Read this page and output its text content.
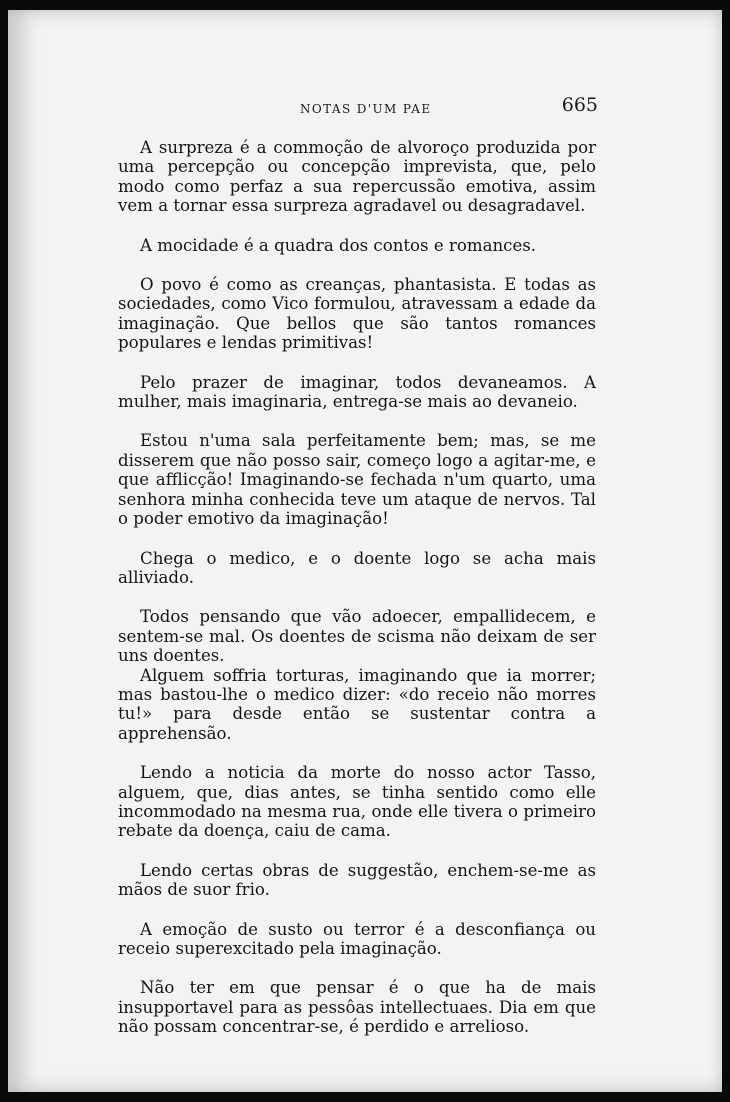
NOTAS D'UM PAE	665

A surpreza é a commoção de alvoroço produzida por uma percepção ou concepção imprevista, que, pelo modo como perfaz a sua repercussão emotiva, assim vem a tornar essa surpreza agradavel ou desagradavel.

A mocidade é a quadra dos contos e romances.

O povo é como as creanças, phantasista. E todas as sociedades, como Vico formulou, atravessam a edade da imaginação. Que bellos que são tantos romances populares e lendas primitivas!

Pelo prazer de imaginar, todos devaneamos. A mulher, mais imaginaria, entrega-se mais ao devaneio.

Estou n'uma sala perfeitamente bem; mas, se me disserem que não posso sair, começo logo a agitar-me, e que afflicção! Imaginando-se fechada n'um quarto, uma senhora minha conhecida teve um ataque de nervos. Tal o poder emotivo da imaginação!

Chega o medico, e o doente logo se acha mais alliviado.

Todos pensando que vão adoecer, empallidecem, e sentem-se mal. Os doentes de scisma não deixam de ser uns doentes.

Alguem soffria torturas, imaginando que ia morrer; mas bastou-lhe o medico dizer: «do receio não morres tu!» para desde então se sustentar contra a apprehensão.

Lendo a noticia da morte do nosso actor Tasso, alguem, que, dias antes, se tinha sentido como elle incommodado na mesma rua, onde elle tivera o primeiro rebate da doença, caiu de cama.

Lendo certas obras de suggestão, enchem-se-me as mãos de suor frio.

A emoção de susto ou terror é a desconfiança ou receio superexcitado pela imaginação.

Não ter em que pensar é o que ha de mais insupportavel para as pessôas intellectuaes. Dia em que não possam concentrar-se, é perdido e arrelioso.
